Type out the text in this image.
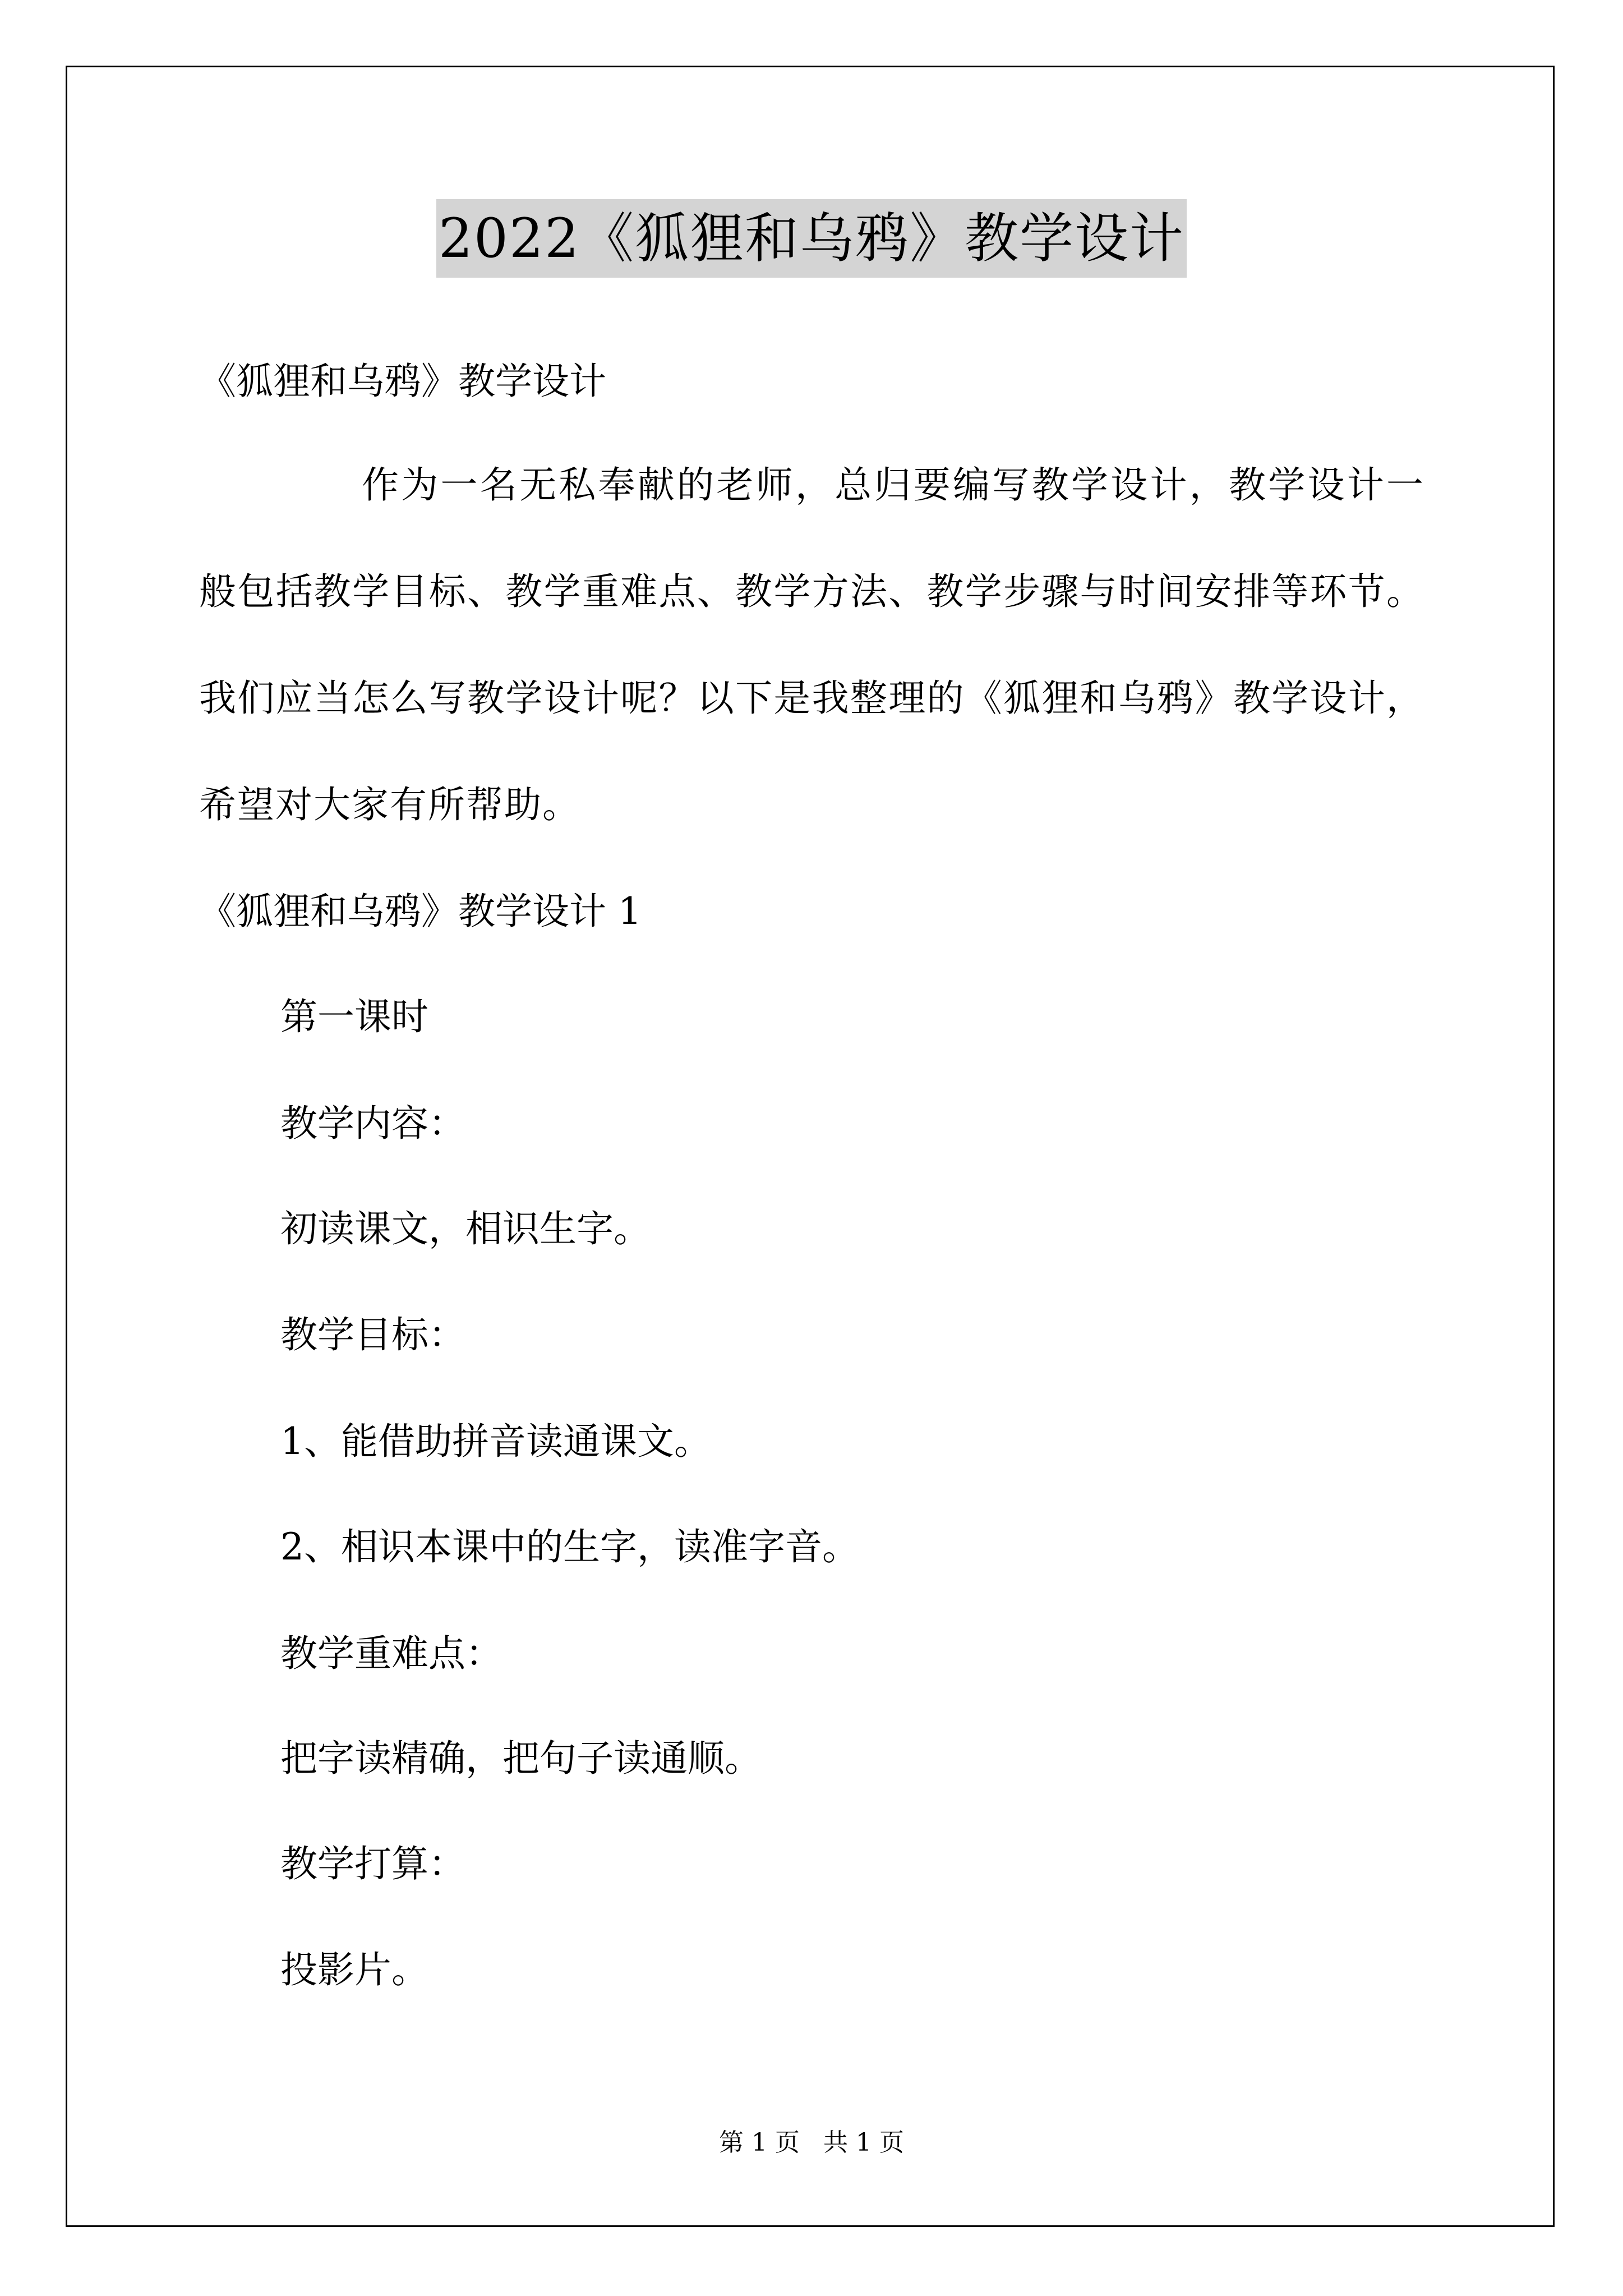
2022《狐狸和乌鸦》教学设计
《狐狸和乌鸦》教学设计
作为一名无私奉献的老师，总归要编写教学设计，教学设计一般包括教学目标、教学重难点、教学方法、教学步骤与时间安排等环节。我们应当怎么写教学设计呢？以下是我整理的《狐狸和乌鸦》教学设计，希望对大家有所帮助。
《狐狸和乌鸦》教学设计 1
第一课时
教学内容：
初读课文，相识生字。
教学目标：
1、能借助拼音读通课文。
2、相识本课中的生字，读准字音。
教学重难点：
把字读精确，把句子读通顺。
教学打算：
投影片。
第 1 页 共 1 页
